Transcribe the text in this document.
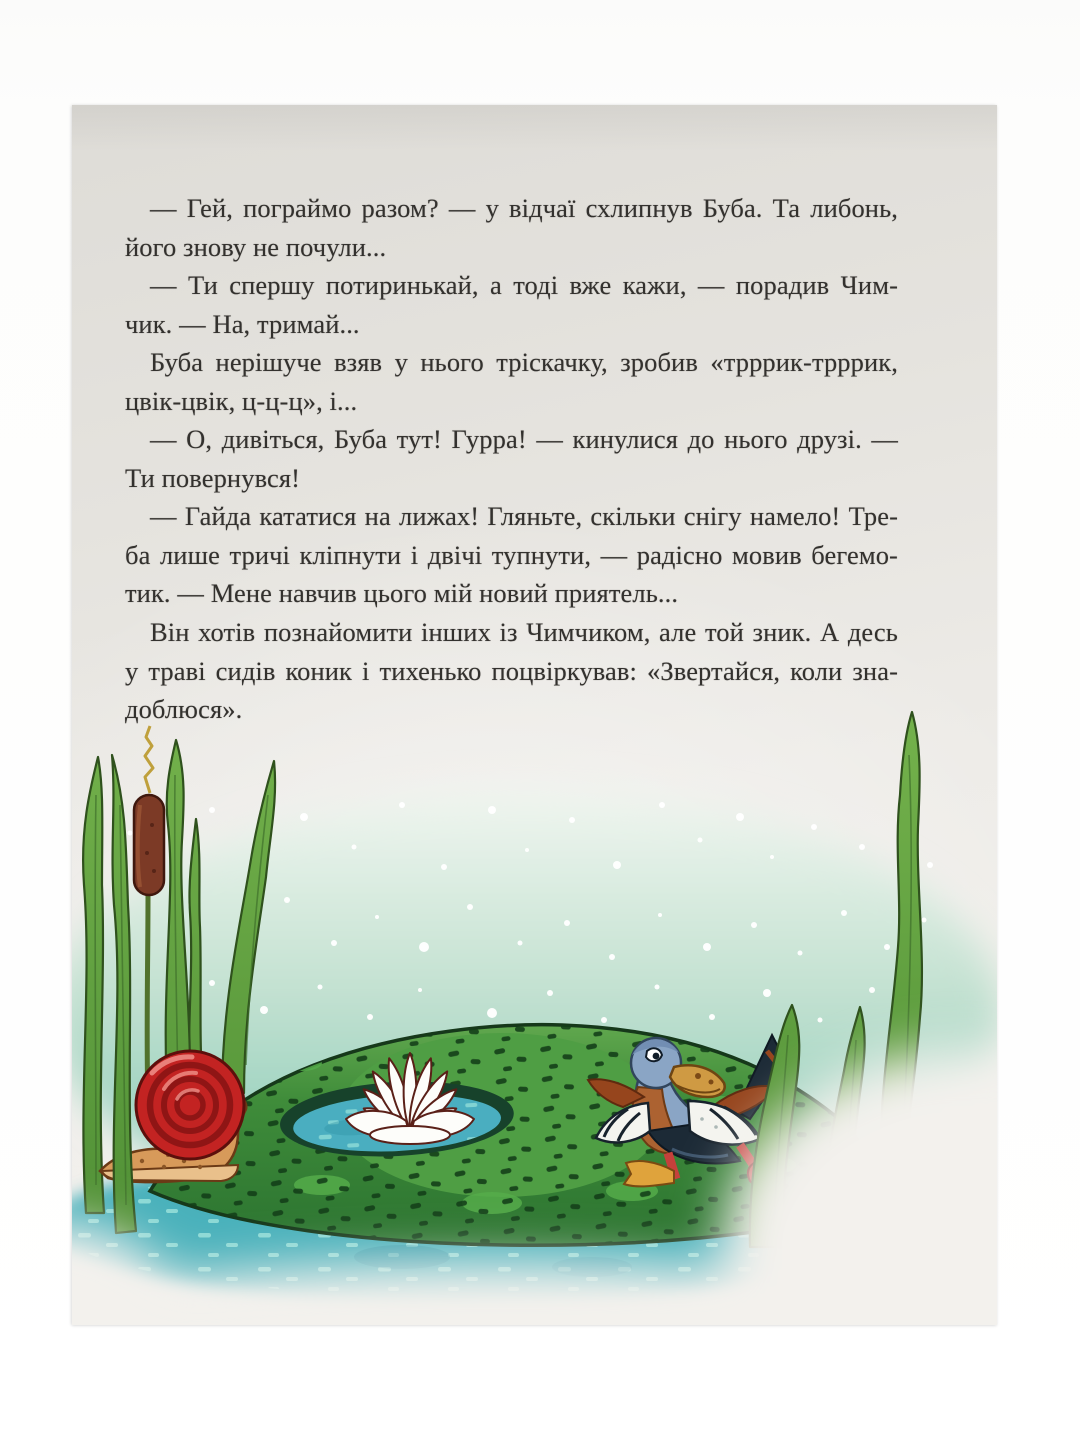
— Гей, пограймо разом? — у відчаї схлипнув Буба. Та либонь,
його знову не почули...
— Ти спершу потиринькай, а тоді вже кажи, — порадив Чим-
чик. — На, тримай...
Буба нерішуче взяв у нього тріскачку, зробив «трррик-трррик,
цвік-цвік, ц-ц-ц», і...
— О, дивіться, Буба тут! Гурра! — кинулися до нього друзі. —
Ти повернувся!
— Гайда кататися на лижах! Гляньте, скільки снігу намело! Тре-
ба лише тричі кліпнути і двічі тупнути, — радісно мовив бегемо-
тик. — Мене навчив цього мій новий приятель...
Він хотів познайомити інших із Чимчиком, але той зник. А десь
у траві сидів коник і тихенько поцвіркував: «Звертайся, коли зна-
доблюся».
